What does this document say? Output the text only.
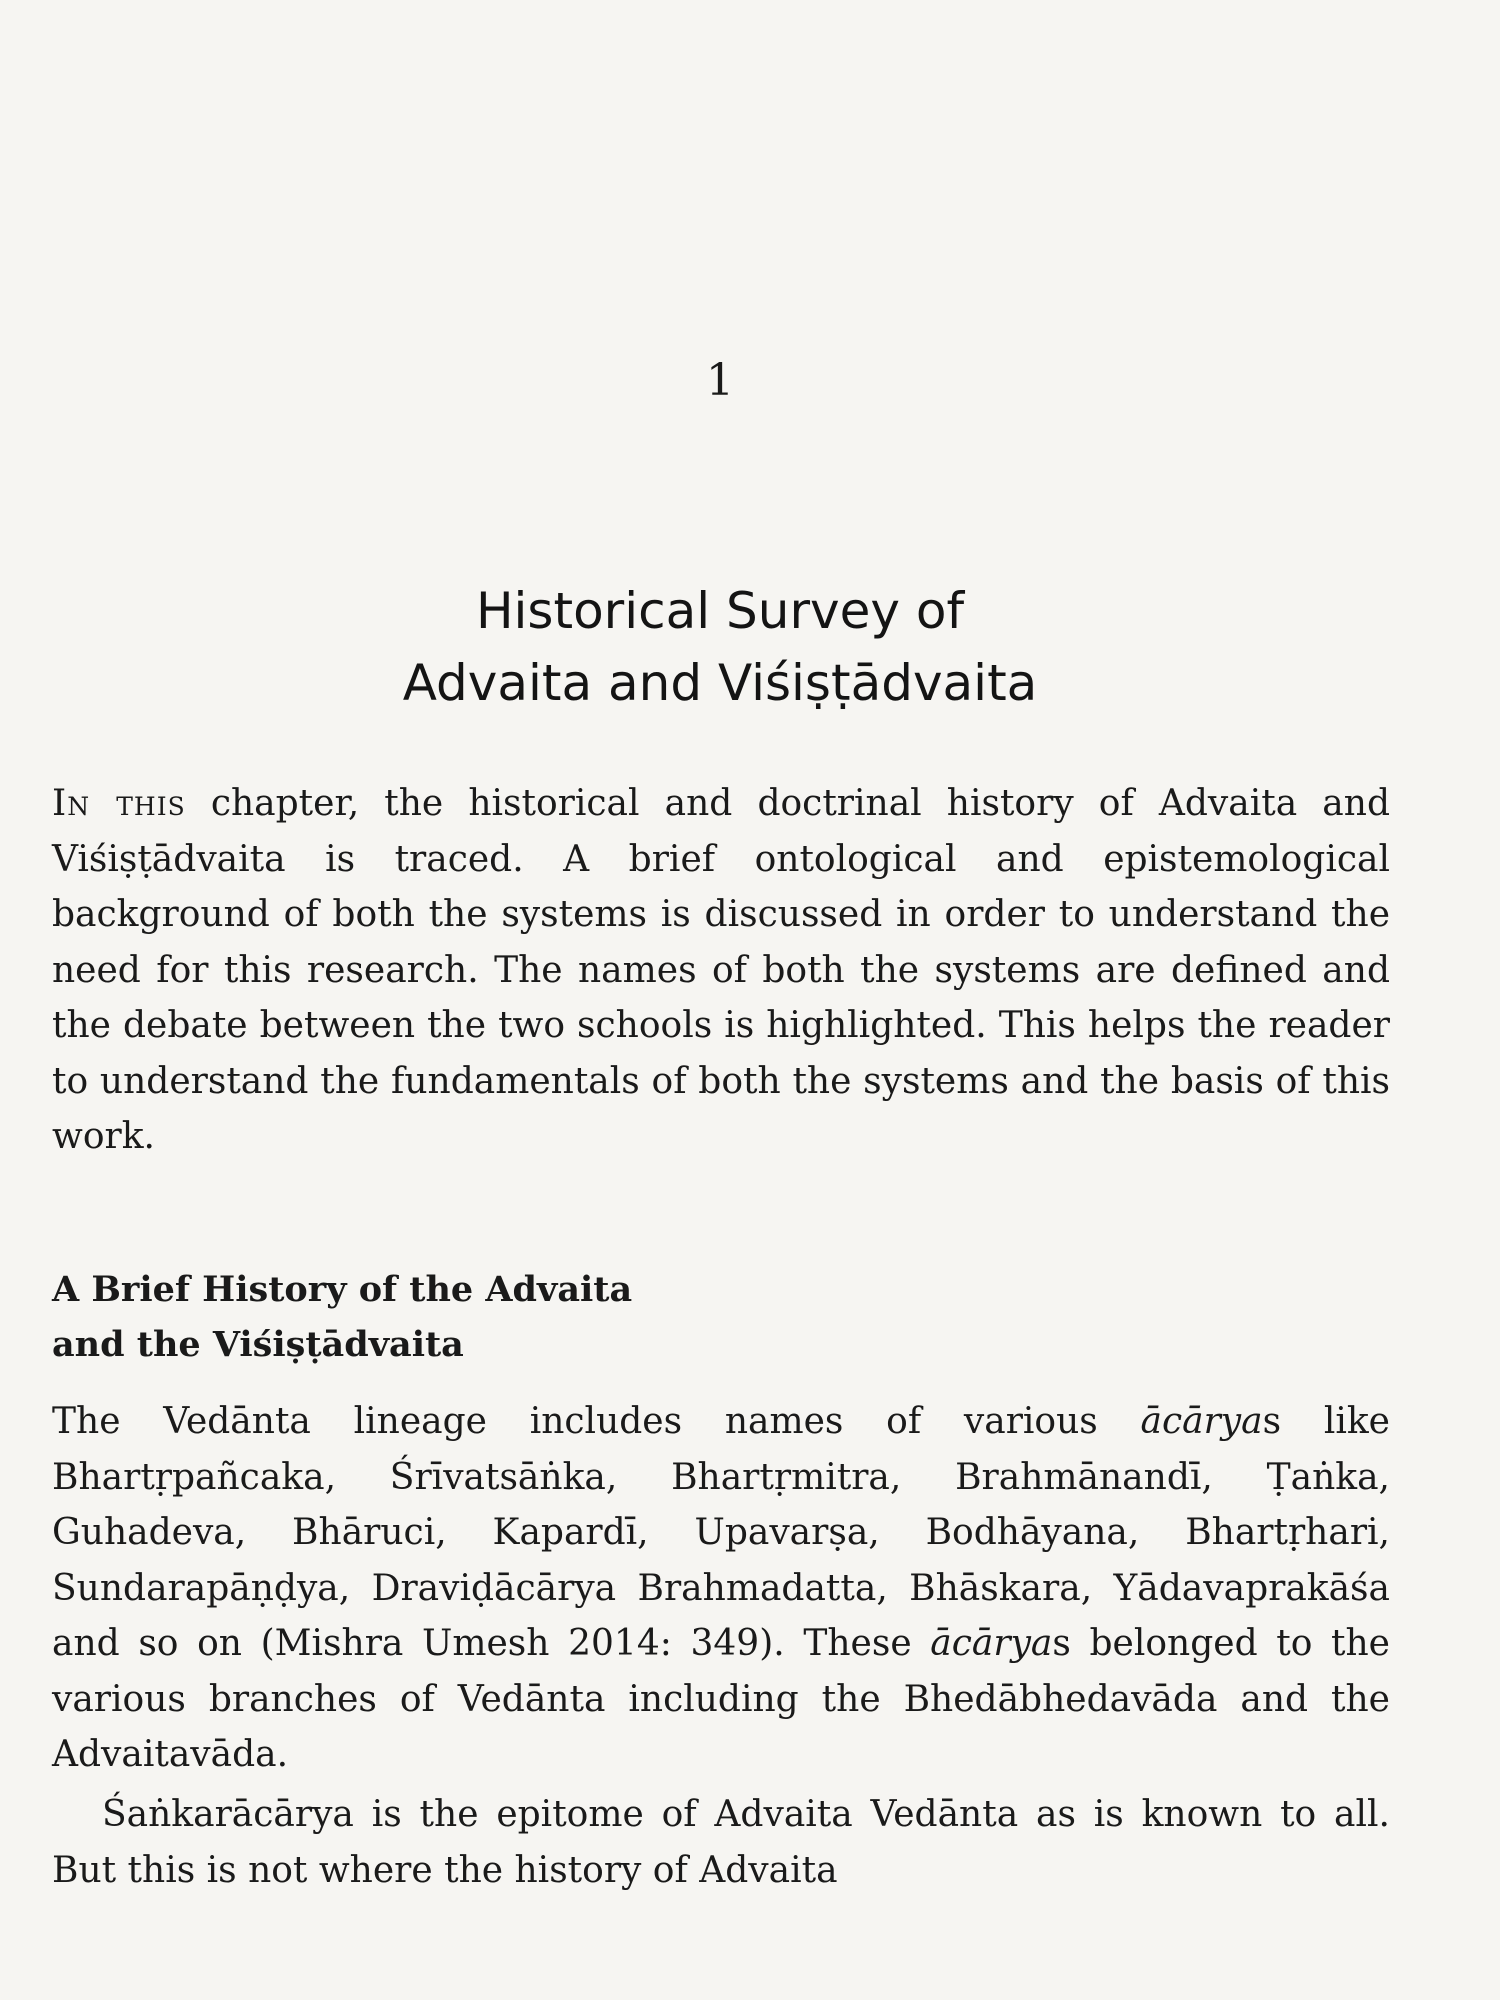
1
Historical Survey of
Advaita and Viśiṣṭādvaita

In this chapter, the historical and doctrinal history of Advaita and Viśiṣṭādvaita is traced. A brief ontological and epistemological background of both the systems is discussed in order to understand the need for this research. The names of both the systems are defined and the debate between the two schools is highlighted. This helps the reader to understand the fundamentals of both the systems and the basis of this work.

A Brief History of the Advaita
and the Viśiṣṭādvaita

The Vedānta lineage includes names of various ācāryas like Bhartṛpañcaka, Śrīvatsāṅka, Bhartṛmitra, Brahmānandī, Ṭaṅka, Guhadeva, Bhāruci, Kapardī, Upavarṣa, Bodhāyana, Bhartṛhari, Sundarapāṇḍya, Draviḍācārya Brahmadatta, Bhāskara, Yādavaprakāśa and so on (Mishra Umesh 2014: 349). These ācāryas belonged to the various branches of Vedānta including the Bhedābhedavāda and the Advaitavāda.

Śaṅkarācārya is the epitome of Advaita Vedānta as is known to all. But this is not where the history of Advaita
